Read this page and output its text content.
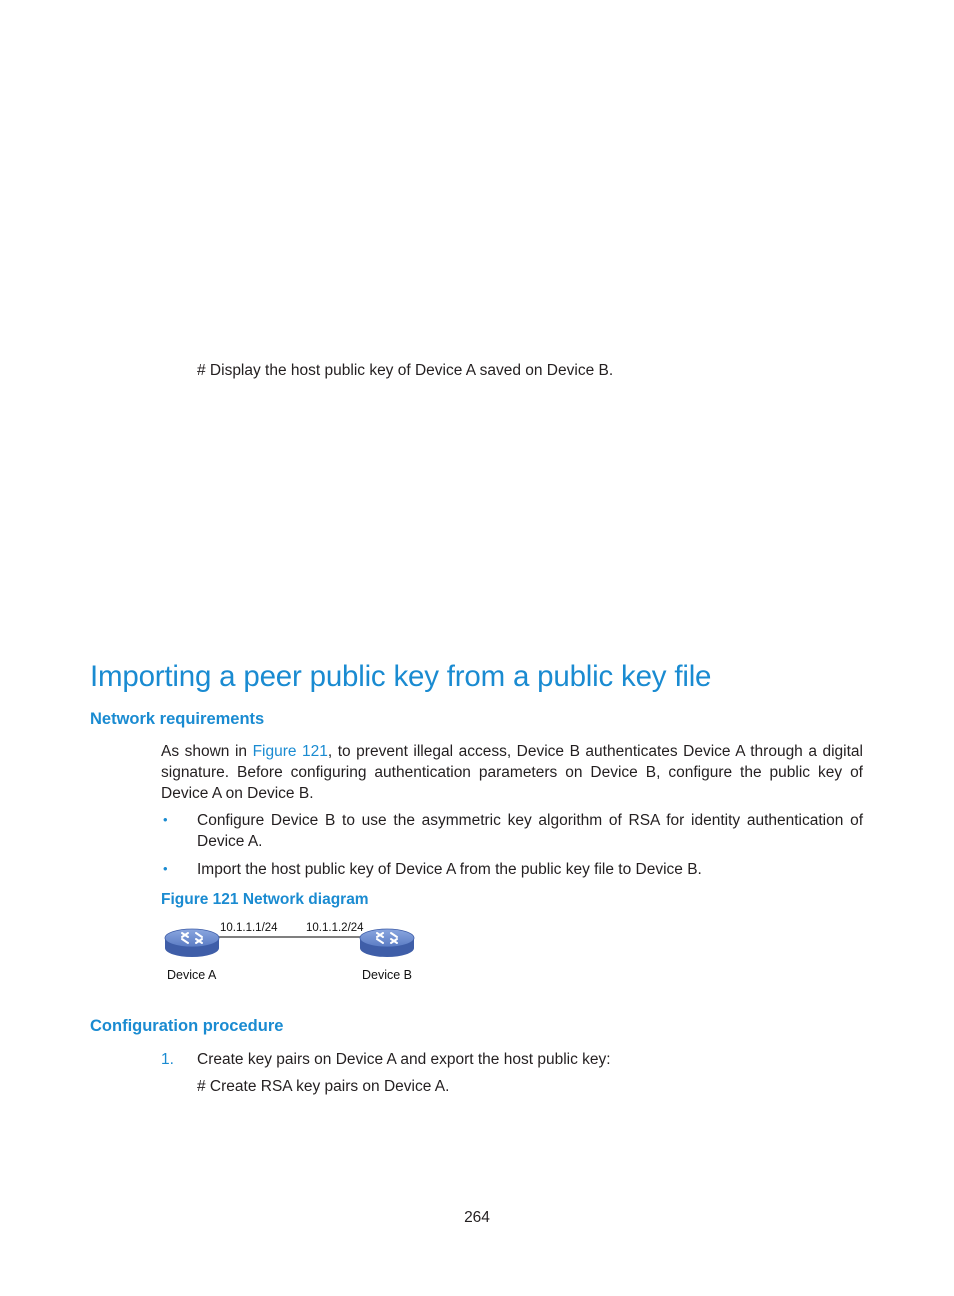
# Display the host public key of Device A saved on Device B.
Importing a peer public key from a public key file
Network requirements
As shown in Figure 121, to prevent illegal access, Device B authenticates Device A through a digital signature. Before configuring authentication parameters on Device B, configure the public key of Device A on Device B.
• Configure Device B to use the asymmetric key algorithm of RSA for identity authentication of Device A.
• Import the host public key of Device A from the public key file to Device B.
Figure 121 Network diagram
10.1.1.1/24 10.1.1.2/24
Device A	Device B
Configuration procedure
1. Create key pairs on Device A and export the host public key:
# Create RSA key pairs on Device A.
264
